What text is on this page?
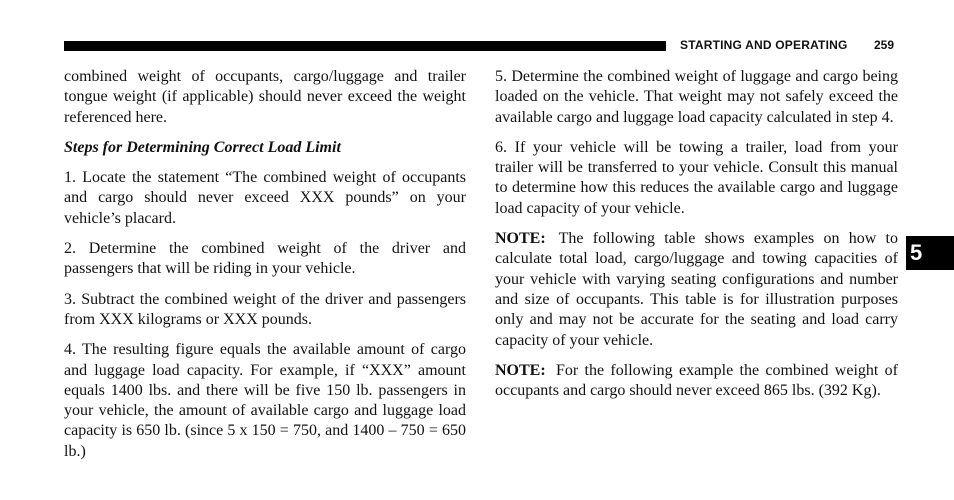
STARTING AND OPERATING 259
5

combined weight of occupants, cargo/luggage and trailer tongue weight (if applicable) should never exceed the weight referenced here.

Steps for Determining Correct Load Limit

1. Locate the statement “The combined weight of occupants and cargo should never exceed XXX pounds” on your vehicle’s placard.

2. Determine the combined weight of the driver and passengers that will be riding in your vehicle.

3. Subtract the combined weight of the driver and passengers from XXX kilograms or XXX pounds.

4. The resulting figure equals the available amount of cargo and luggage load capacity. For example, if “XXX” amount equals 1400 lbs. and there will be five 150 lb. passengers in your vehicle, the amount of available cargo and luggage load capacity is 650 lb. (since 5 x 150 = 750, and 1400 – 750 = 650 lb.)

5. Determine the combined weight of luggage and cargo being loaded on the vehicle. That weight may not safely exceed the available cargo and luggage load capacity calculated in step 4.

6. If your vehicle will be towing a trailer, load from your trailer will be transferred to your vehicle. Consult this manual to determine how this reduces the available cargo and luggage load capacity of your vehicle.

NOTE: The following table shows examples on how to calculate total load, cargo/luggage and towing capacities of your vehicle with varying seating configurations and number and size of occupants. This table is for illustration purposes only and may not be accurate for the seating and load carry capacity of your vehicle.

NOTE: For the following example the combined weight of occupants and cargo should never exceed 865 lbs. (392 Kg).
